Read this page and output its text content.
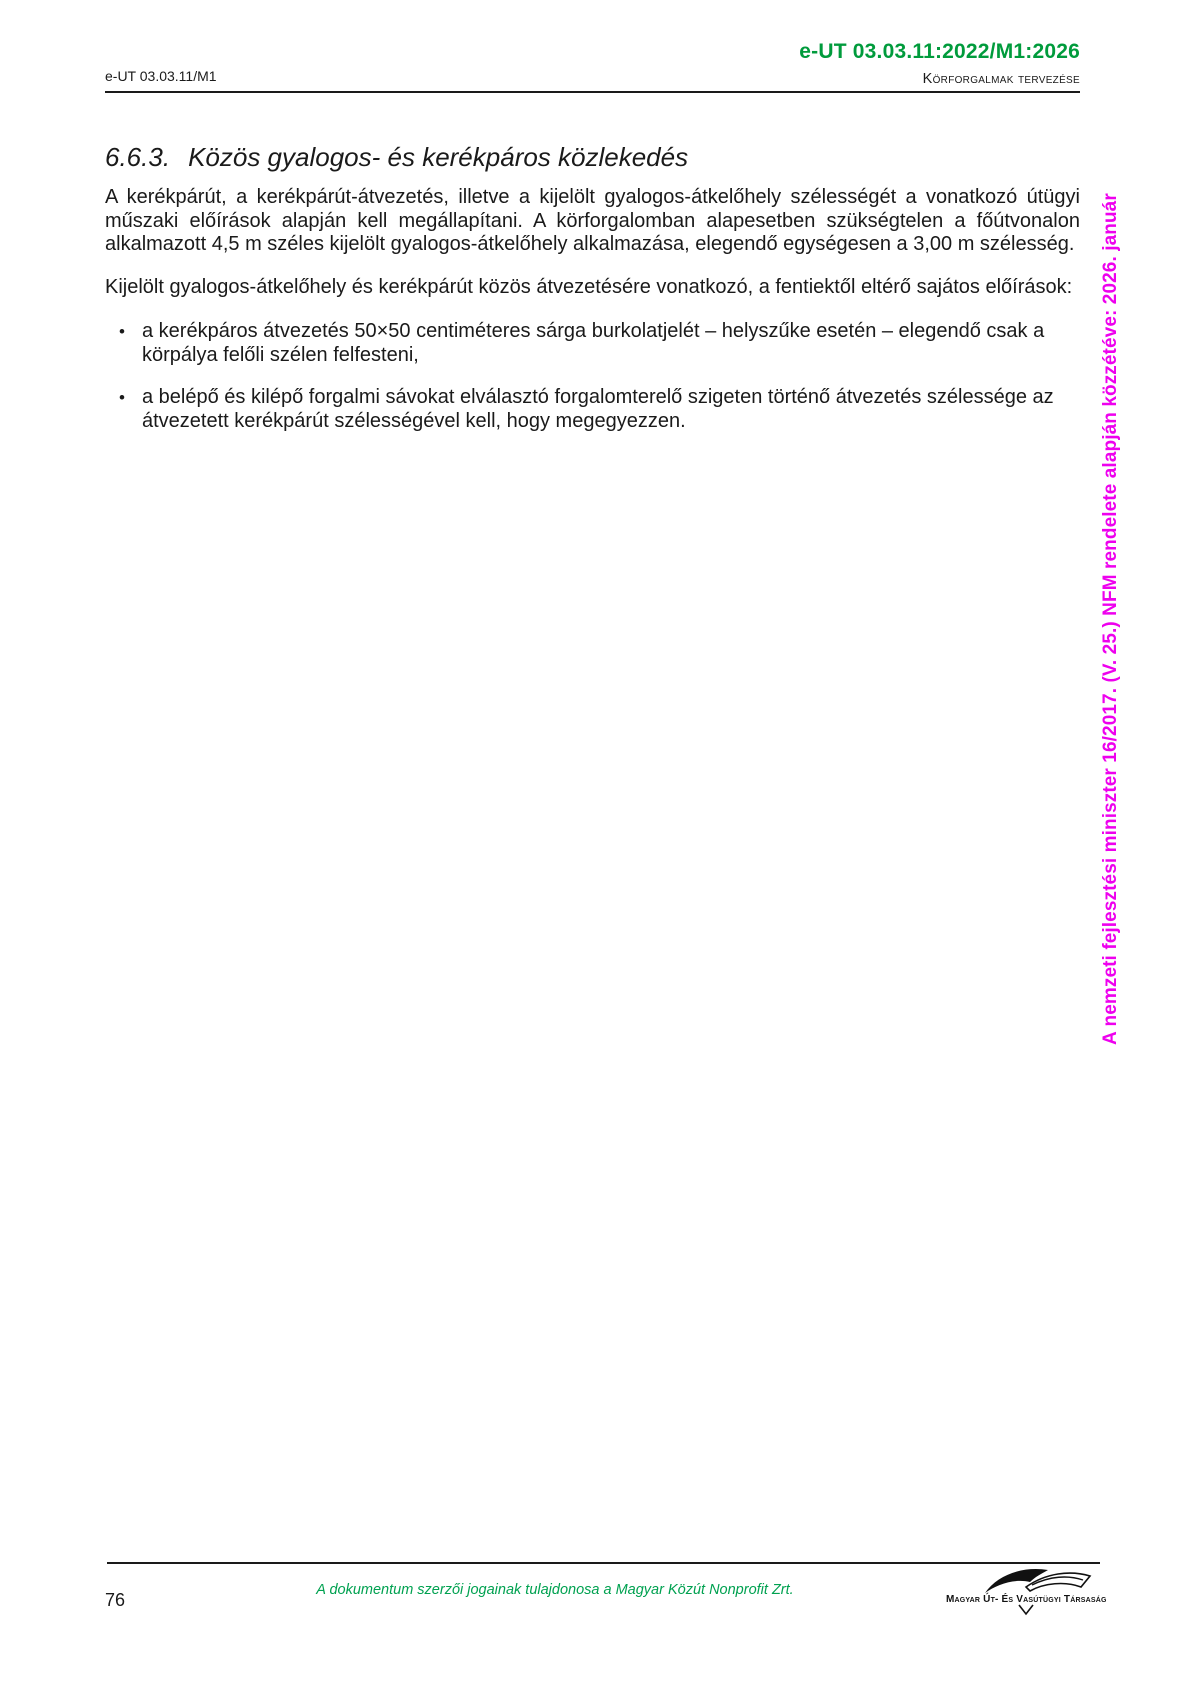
e-UT 03.03.11:2022/M1:2026
e-UT 03.03.11/M1	Körforgalmak tervezése
6.6.3. Közös gyalogos- és kerékpáros közlekedés

A kerékpárút, a kerékpárút-átvezetés, illetve a kijelölt gyalogos-átkelőhely szélességét a vonatkozó útügyi műszaki előírások alapján kell megállapítani. A körforgalomban alapesetben szükségtelen a főútvonalon alkalmazott 4,5 m széles kijelölt gyalogos-átkelőhely alkalmazása, elegendő egységesen a 3,00 m szélesség.

Kijelölt gyalogos-átkelőhely és kerékpárút közös átvezetésére vonatkozó, a fentiektől eltérő sajátos előírások:

• a kerékpáros átvezetés 50×50 centiméteres sárga burkolatjelét – helyszűke esetén – elegendő csak a körpálya felőli szélen felfesteni,
• a belépő és kilépő forgalmi sávokat elválasztó forgalomterelő szigeten történő átvezetés szélessége az átvezetett kerékpárút szélességével kell, hogy megegyezzen.	A nemzeti fejlesztési miniszter 16/2017. (V. 25.) NFM rendelete alapján közzétéve: 2026. január
76	A dokumentum szerzői jogainak tulajdonosa a Magyar Közút Nonprofit Zrt.
Magyar Út- És Vasútügyi Társaság
